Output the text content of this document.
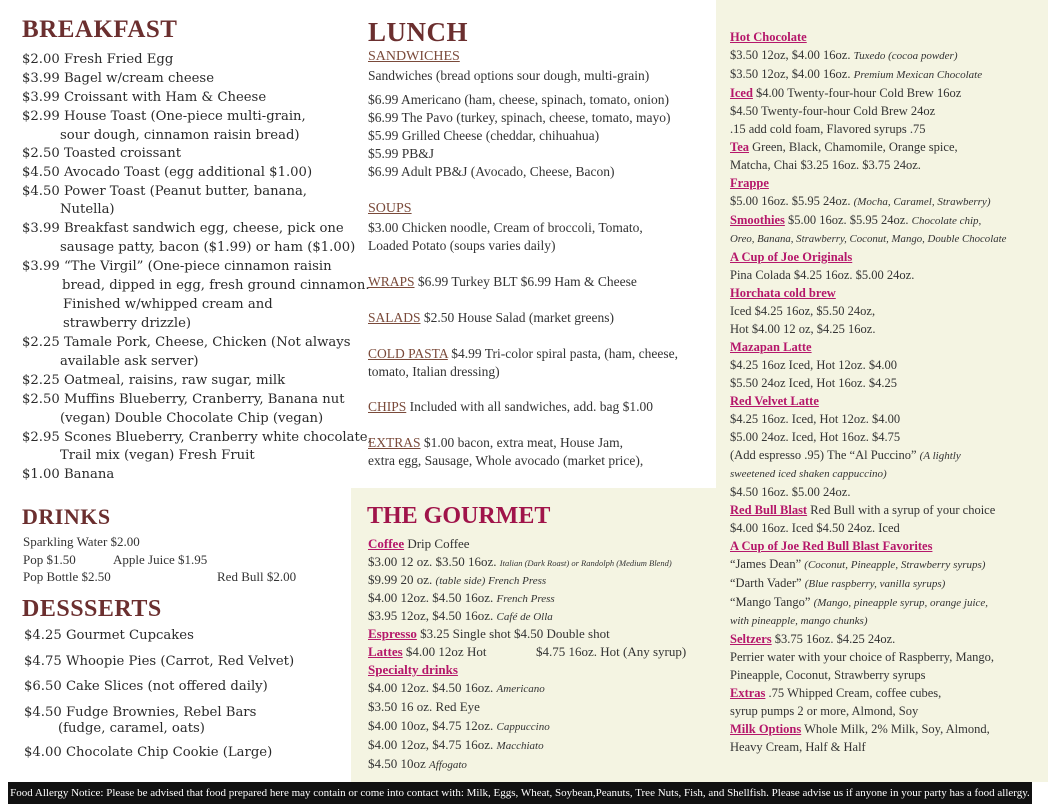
BREAKFAST
$2.00 Fresh Fried Egg
$3.99 Bagel w/cream cheese
$3.99 Croissant with Ham & Cheese
$2.99 House Toast (One-piece multi-grain,
sour dough, cinnamon raisin bread)
$2.50 Toasted croissant
$4.50 Avocado Toast (egg additional $1.00)
$4.50 Power Toast (Peanut butter, banana,
Nutella)
$3.99 Breakfast sandwich egg, cheese, pick one
sausage patty, bacon ($1.99) or ham ($1.00)
$3.99 “The Virgil” (One-piece cinnamon raisin
bread, dipped in egg, fresh ground cinnamon.
Finished w/whipped cream and
strawberry drizzle)
$2.25 Tamale Pork, Cheese, Chicken (Not always
available ask server)
$2.25 Oatmeal, raisins, raw sugar, milk
$2.50 Muffins Blueberry, Cranberry, Banana nut
(vegan) Double Chocolate Chip (vegan)
$2.95 Scones Blueberry, Cranberry white chocolate,
Trail mix (vegan) Fresh Fruit
$1.00 Banana
DRINKS
Sparkling Water $2.00
Pop $1.50	Apple Juice $1.95
Pop Bottle $2.50	Red Bull $2.00
DESSSERTS
$4.25 Gourmet Cupcakes
$4.75 Whoopie Pies (Carrot, Red Velvet)
$6.50 Cake Slices (not offered daily)
$4.50 Fudge Brownies, Rebel Bars
(fudge, caramel, oats)
$4.00 Chocolate Chip Cookie (Large)
LUNCH
SANDWICHES
Sandwiches (bread options sour dough, multi-grain)
$6.99 Americano (ham, cheese, spinach, tomato, onion)
$6.99 The Pavo (turkey, spinach, cheese, tomato, mayo)
$5.99 Grilled Cheese (cheddar, chihuahua)
$5.99 PB&J
$6.99 Adult PB&J (Avocado, Cheese, Bacon)
SOUPS
$3.00 Chicken noodle, Cream of broccoli, Tomato,
Loaded Potato (soups varies daily)
WRAPS $6.99 Turkey BLT $6.99 Ham & Cheese
SALADS $2.50 House Salad (market greens)
COLD PASTA $4.99 Tri-color spiral pasta, (ham, cheese,
tomato, Italian dressing)
CHIPS Included with all sandwiches, add. bag $1.00
EXTRAS $1.00 bacon, extra meat, House Jam,
extra egg, Sausage, Whole avocado (market price),
THE GOURMET
Coffee Drip Coffee
$3.00 12 oz. $3.50 16oz. Italian (Dark Roast) or Randolph (Medium Blend)
$9.99 20 oz. (table side) French Press
$4.00 12oz. $4.50 16oz. French Press
$3.95 12oz, $4.50 16oz. Café de Olla
Espresso $3.25 Single shot $4.50 Double shot
Lattes $4.00 12oz Hot	$4.75 16oz. Hot (Any syrup)
Specialty drinks
$4.00 12oz. $4.50 16oz. Americano
$3.50 16 oz. Red Eye
$4.00 10oz, $4.75 12oz. Cappuccino
$4.00 12oz, $4.75 16oz. Macchiato
$4.50 10oz Affogato
Hot Chocolate
$3.50 12oz, $4.00 16oz. Tuxedo (cocoa powder)
$3.50 12oz, $4.00 16oz. Premium Mexican Chocolate
Iced $4.00 Twenty-four-hour Cold Brew 16oz
$4.50 Twenty-four-hour Cold Brew 24oz
.15 add cold foam, Flavored syrups .75
Tea Green, Black, Chamomile, Orange spice,
Matcha, Chai $3.25 16oz. $3.75 24oz.
Frappe
$5.00 16oz. $5.95 24oz. (Mocha, Caramel, Strawberry)
Smoothies $5.00 16oz. $5.95 24oz. Chocolate chip,
Oreo, Banana, Strawberry, Coconut, Mango, Double Chocolate
A Cup of Joe Originals
Pina Colada $4.25 16oz. $5.00 24oz.
Horchata cold brew
Iced $4.25 16oz, $5.50 24oz,
Hot $4.00 12 oz, $4.25 16oz.
Mazapan Latte
$4.25 16oz Iced, Hot 12oz. $4.00
$5.50 24oz Iced, Hot 16oz. $4.25
Red Velvet Latte
$4.25 16oz. Iced, Hot 12oz. $4.00
$5.00 24oz. Iced, Hot 16oz. $4.75
(Add espresso .95) The “Al Puccino” (A lightly
sweetened iced shaken cappuccino)
$4.50 16oz. $5.00 24oz.
Red Bull Blast Red Bull with a syrup of your choice
$4.00 16oz. Iced $4.50 24oz. Iced
A Cup of Joe Red Bull Blast Favorites
“James Dean” (Coconut, Pineapple, Strawberry syrups)
“Darth Vader” (Blue raspberry, vanilla syrups)
“Mango Tango” (Mango, pineapple syrup, orange juice,
with pineapple, mango chunks)
Seltzers $3.75 16oz. $4.25 24oz.
Perrier water with your choice of Raspberry, Mango,
Pineapple, Coconut, Strawberry syrups
Extras .75 Whipped Cream, coffee cubes,
syrup pumps 2 or more, Almond, Soy
Milk Options Whole Milk, 2% Milk, Soy, Almond,
Heavy Cream, Half & Half
Food Allergy Notice: Please be advised that food prepared here may contain or come into contact with: Milk, Eggs, Wheat, Soybean,Peanuts, Tree Nuts, Fish, and Shellfish. Please advise us if anyone in your party has a food allergy.
